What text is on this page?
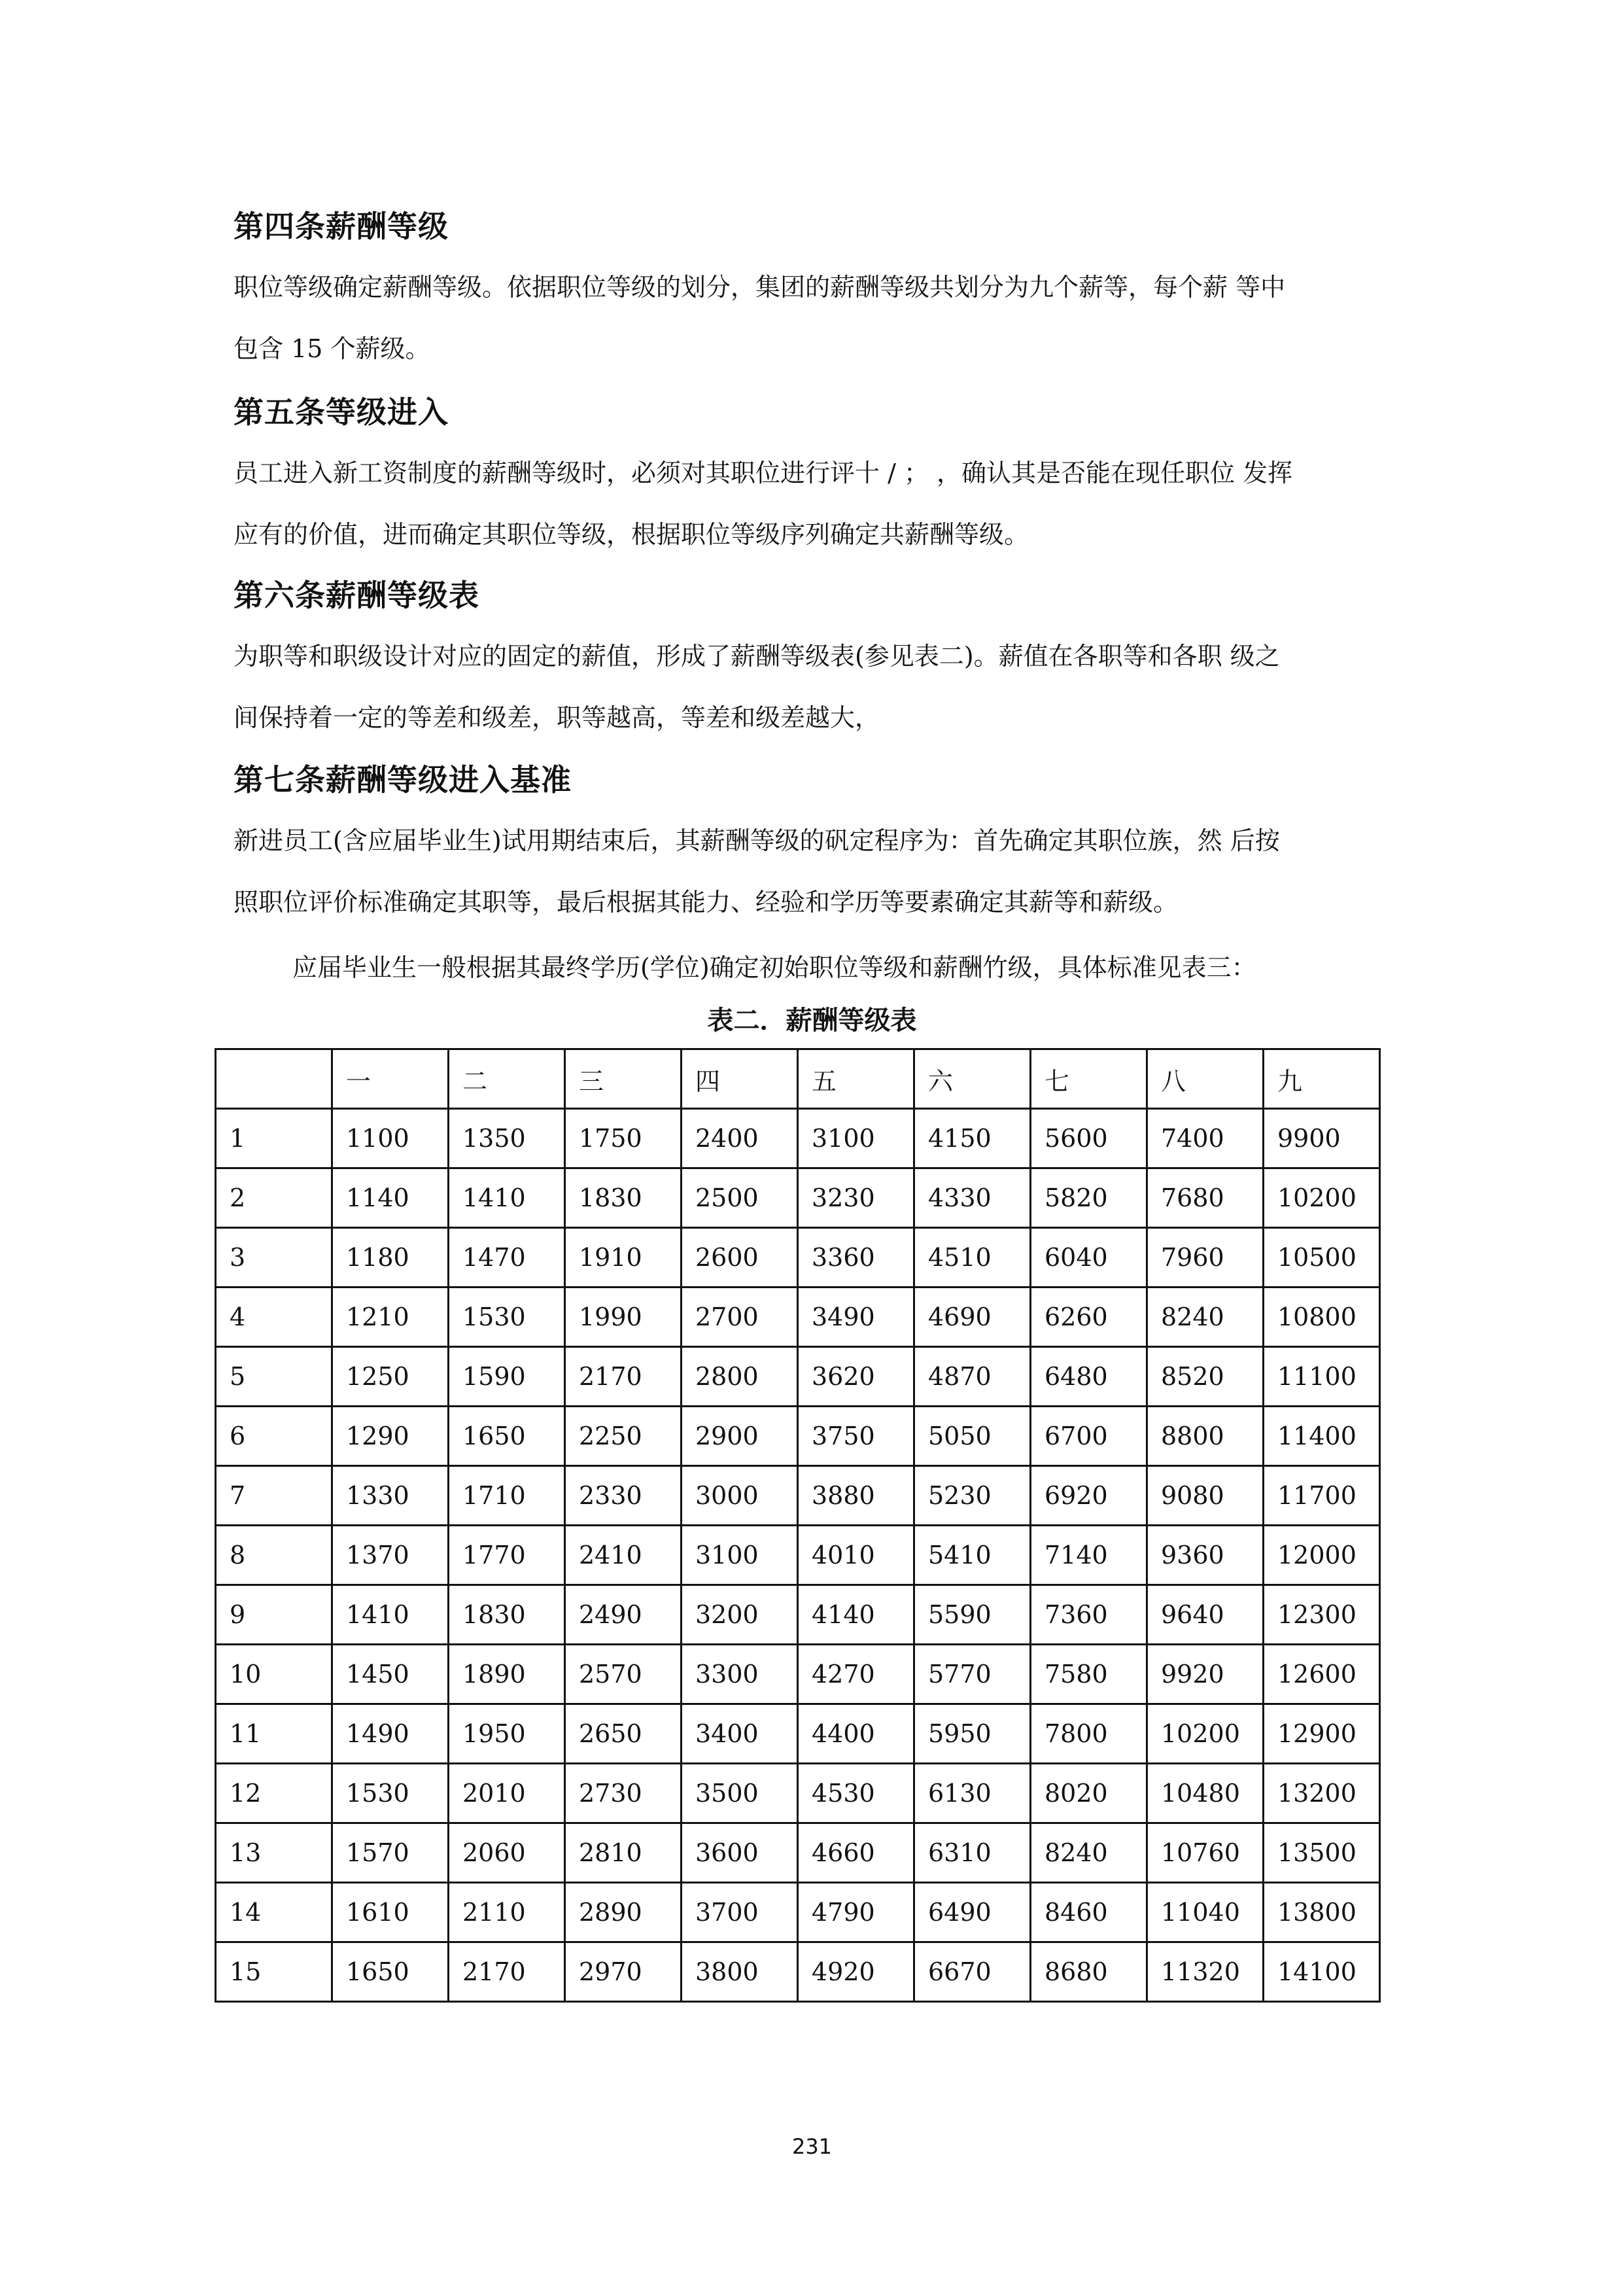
第四条薪酬等级
职位等级确定薪酬等级。依据职位等级的划分，集团的薪酬等级共划分为九个薪等，每个薪 等中
包含 15 个薪级。
第五条等级进入
员工进入新工资制度的薪酬等级时，必须对其职位进行评十 / ； ，确认其是否能在现任职位 发挥
应有的价值，进而确定其职位等级，根据职位等级序列确定共薪酬等级。
第六条薪酬等级表
为职等和职级设计对应的固定的薪值，形成了薪酬等级表(参见表二)。薪值在各职等和各职 级之
间保持着一定的等差和级差，职等越高，等差和级差越大，
第七条薪酬等级进入基准
新进员工(含应届毕业生)试用期结束后，其薪酬等级的矾定程序为：首先确定其职位族，然 后按
照职位评价标准确定其职等，最后根据其能力、经验和学历等要素确定其薪等和薪级。
应届毕业生一般根据其最终学历(学位)确定初始职位等级和薪酬竹级，具体标准见表三：
表二．薪酬等级表
	一	二	三	四	五	六	七	八	九
1	1100	1350	1750	2400	3100	4150	5600	7400	9900
2	1140	1410	1830	2500	3230	4330	5820	7680	10200
3	1180	1470	1910	2600	3360	4510	6040	7960	10500
4	1210	1530	1990	2700	3490	4690	6260	8240	10800
5	1250	1590	2170	2800	3620	4870	6480	8520	11100
6	1290	1650	2250	2900	3750	5050	6700	8800	11400
7	1330	1710	2330	3000	3880	5230	6920	9080	11700
8	1370	1770	2410	3100	4010	5410	7140	9360	12000
9	1410	1830	2490	3200	4140	5590	7360	9640	12300
10	1450	1890	2570	3300	4270	5770	7580	9920	12600
11	1490	1950	2650	3400	4400	5950	7800	10200	12900
12	1530	2010	2730	3500	4530	6130	8020	10480	13200
13	1570	2060	2810	3600	4660	6310	8240	10760	13500
14	1610	2110	2890	3700	4790	6490	8460	11040	13800
15	1650	2170	2970	3800	4920	6670	8680	11320	14100
231
